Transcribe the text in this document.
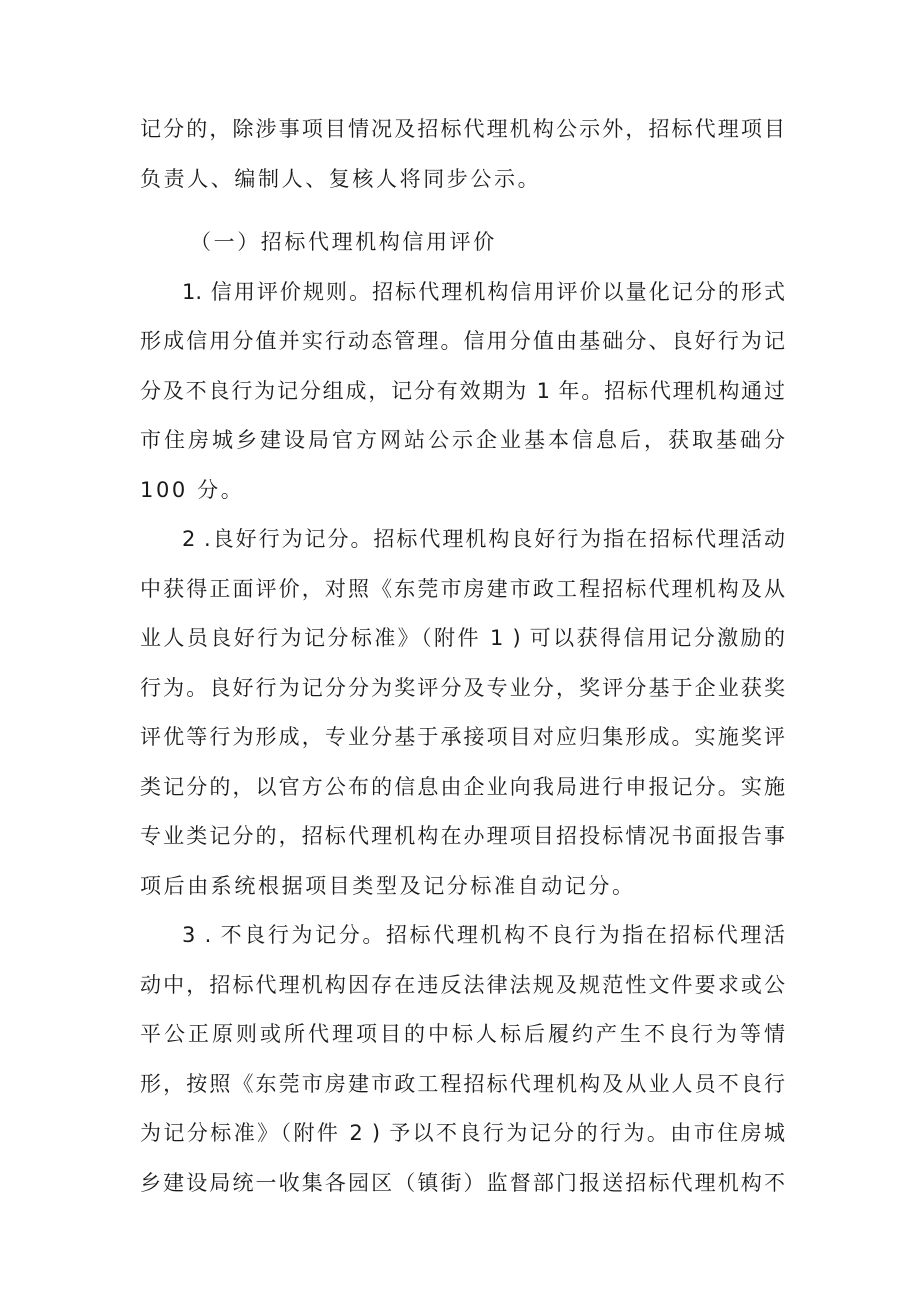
记分的，除涉事项目情况及招标代理机构公示外，招标代理项目
负责人、编制人、复核人将同步公示。
（一）招标代理机构信用评价
1. 信用评价规则。招标代理机构信用评价以量化记分的形式
形成信用分值并实行动态管理。信用分值由基础分、良好行为记
分及不良行为记分组成，记分有效期为 1 年。招标代理机构通过
市住房城乡建设局官方网站公示企业基本信息后，获取基础分
100 分。
2 .良好行为记分。招标代理机构良好行为指在招标代理活动
中获得正面评价，对照《东莞市房建市政工程招标代理机构及从
业人员良好行为记分标准》（附件 1 ) 可以获得信用记分激励的
行为。良好行为记分分为奖评分及专业分，奖评分基于企业获奖
评优等行为形成，专业分基于承接项目对应归集形成。实施奖评
类记分的，以官方公布的信息由企业向我局进行申报记分。实施
专业类记分的，招标代理机构在办理项目招投标情况书面报告事
项后由系统根据项目类型及记分标准自动记分。
3 . 不良行为记分。招标代理机构不良行为指在招标代理活
动中，招标代理机构因存在违反法律法规及规范性文件要求或公
平公正原则或所代理项目的中标人标后履约产生不良行为等情
形，按照《东莞市房建市政工程招标代理机构及从业人员不良行
为记分标准》（附件 2 ) 予以不良行为记分的行为。由市住房城
乡建设局统一收集各园区（镇街）监督部门报送招标代理机构不
